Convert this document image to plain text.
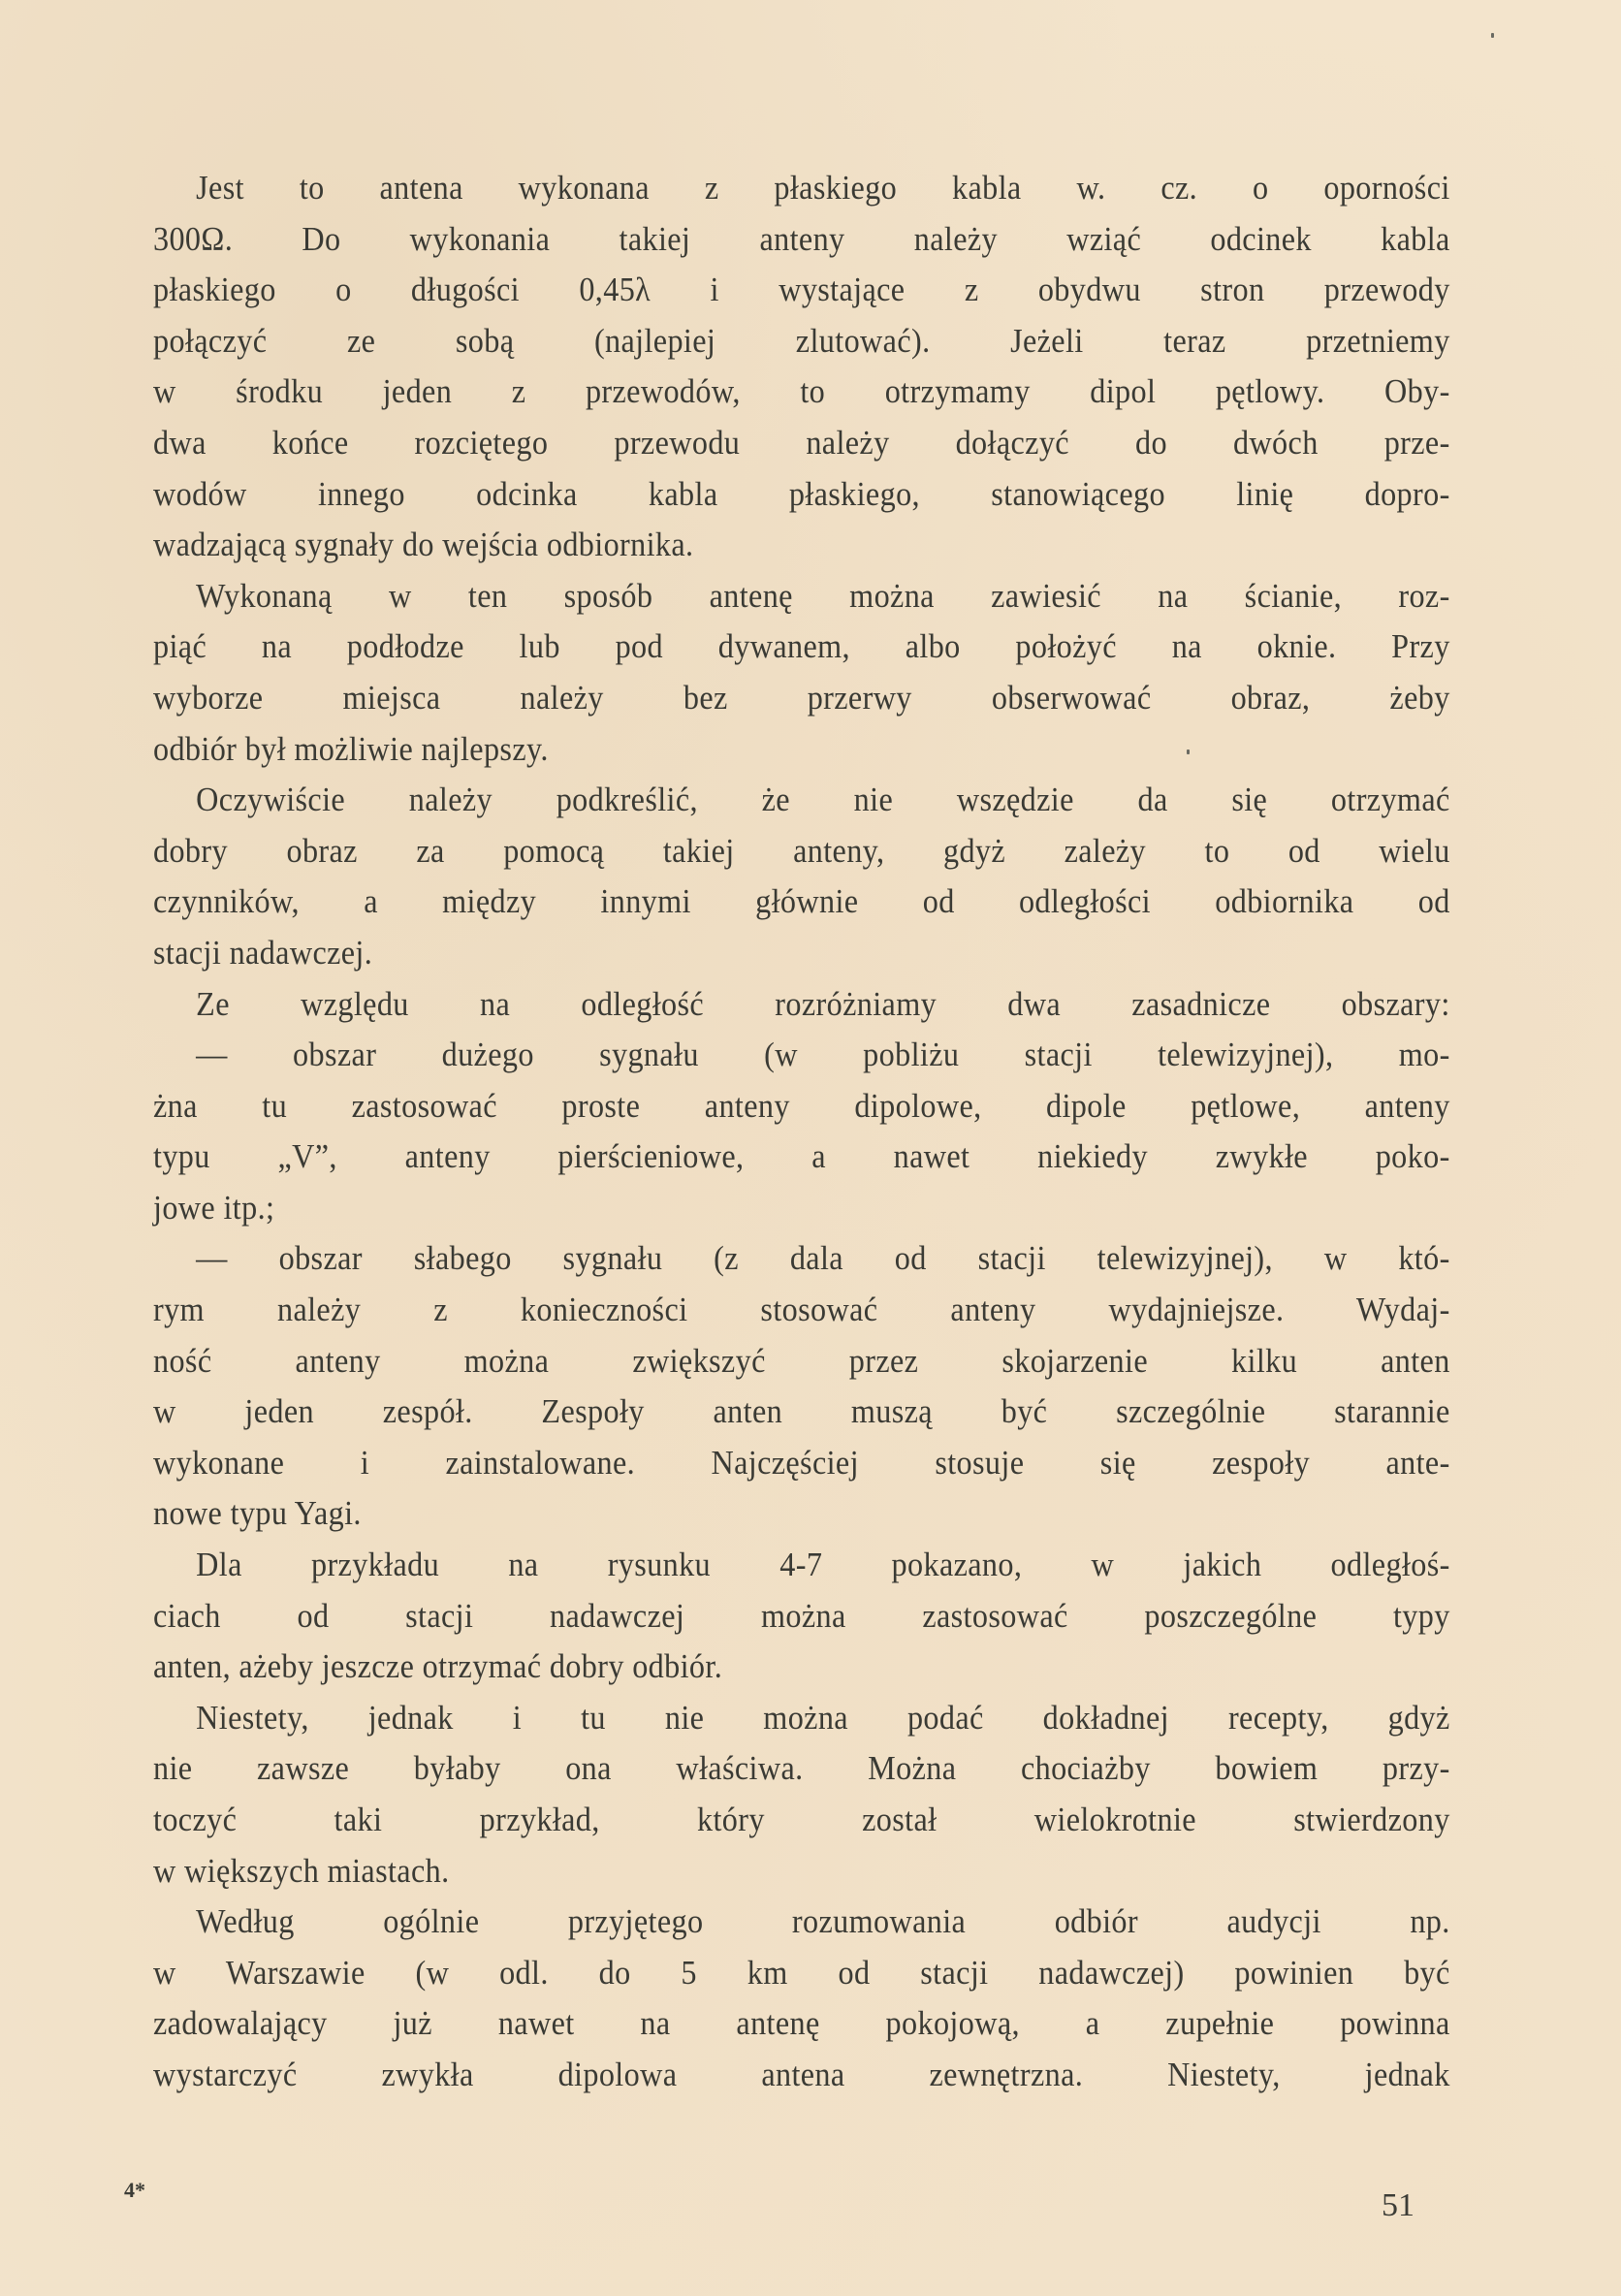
Jest to antena wykonana z płaskiego kabla w. cz. o oporności
300Ω. Do wykonania takiej anteny należy wziąć odcinek kabla
płaskiego o długości 0,45λ i wystające z obydwu stron przewody
połączyć ze sobą (najlepiej zlutować). Jeżeli teraz przetniemy
w środku jeden z przewodów, to otrzymamy dipol pętlowy. Oby-
dwa końce rozciętego przewodu należy dołączyć do dwóch prze-
wodów innego odcinka kabla płaskiego, stanowiącego linię dopro-
wadzającą sygnały do wejścia odbiornika.
Wykonaną w ten sposób antenę można zawiesić na ścianie, roz-
piąć na podłodze lub pod dywanem, albo położyć na oknie. Przy
wyborze miejsca należy bez przerwy obserwować obraz, żeby
odbiór był możliwie najlepszy.
Oczywiście należy podkreślić, że nie wszędzie da się otrzymać
dobry obraz za pomocą takiej anteny, gdyż zależy to od wielu
czynników, a między innymi głównie od odległości odbiornika od
stacji nadawczej.
Ze względu na odległość rozróżniamy dwa zasadnicze obszary:
— obszar dużego sygnału (w pobliżu stacji telewizyjnej), mo-
żna tu zastosować proste anteny dipolowe, dipole pętlowe, anteny
typu „V”, anteny pierścieniowe, a nawet niekiedy zwykłe poko-
jowe itp.;
— obszar słabego sygnału (z dala od stacji telewizyjnej), w któ-
rym należy z konieczności stosować anteny wydajniejsze. Wydaj-
ność anteny można zwiększyć przez skojarzenie kilku anten
w jeden zespół. Zespoły anten muszą być szczególnie starannie
wykonane i zainstalowane. Najczęściej stosuje się zespoły ante-
nowe typu Yagi.
Dla przykładu na rysunku 4-7 pokazano, w jakich odległoś-
ciach od stacji nadawczej można zastosować poszczególne typy
anten, ażeby jeszcze otrzymać dobry odbiór.
Niestety, jednak i tu nie można podać dokładnej recepty, gdyż
nie zawsze byłaby ona właściwa. Można chociażby bowiem przy-
toczyć taki przykład, który został wielokrotnie stwierdzony
w większych miastach.
Według ogólnie przyjętego rozumowania odbiór audycji np.
w Warszawie (w odl. do 5 km od stacji nadawczej) powinien być
zadowalający już nawet na antenę pokojową, a zupełnie powinna
wystarczyć zwykła dipolowa antena zewnętrzna. Niestety, jednak
4*	51
